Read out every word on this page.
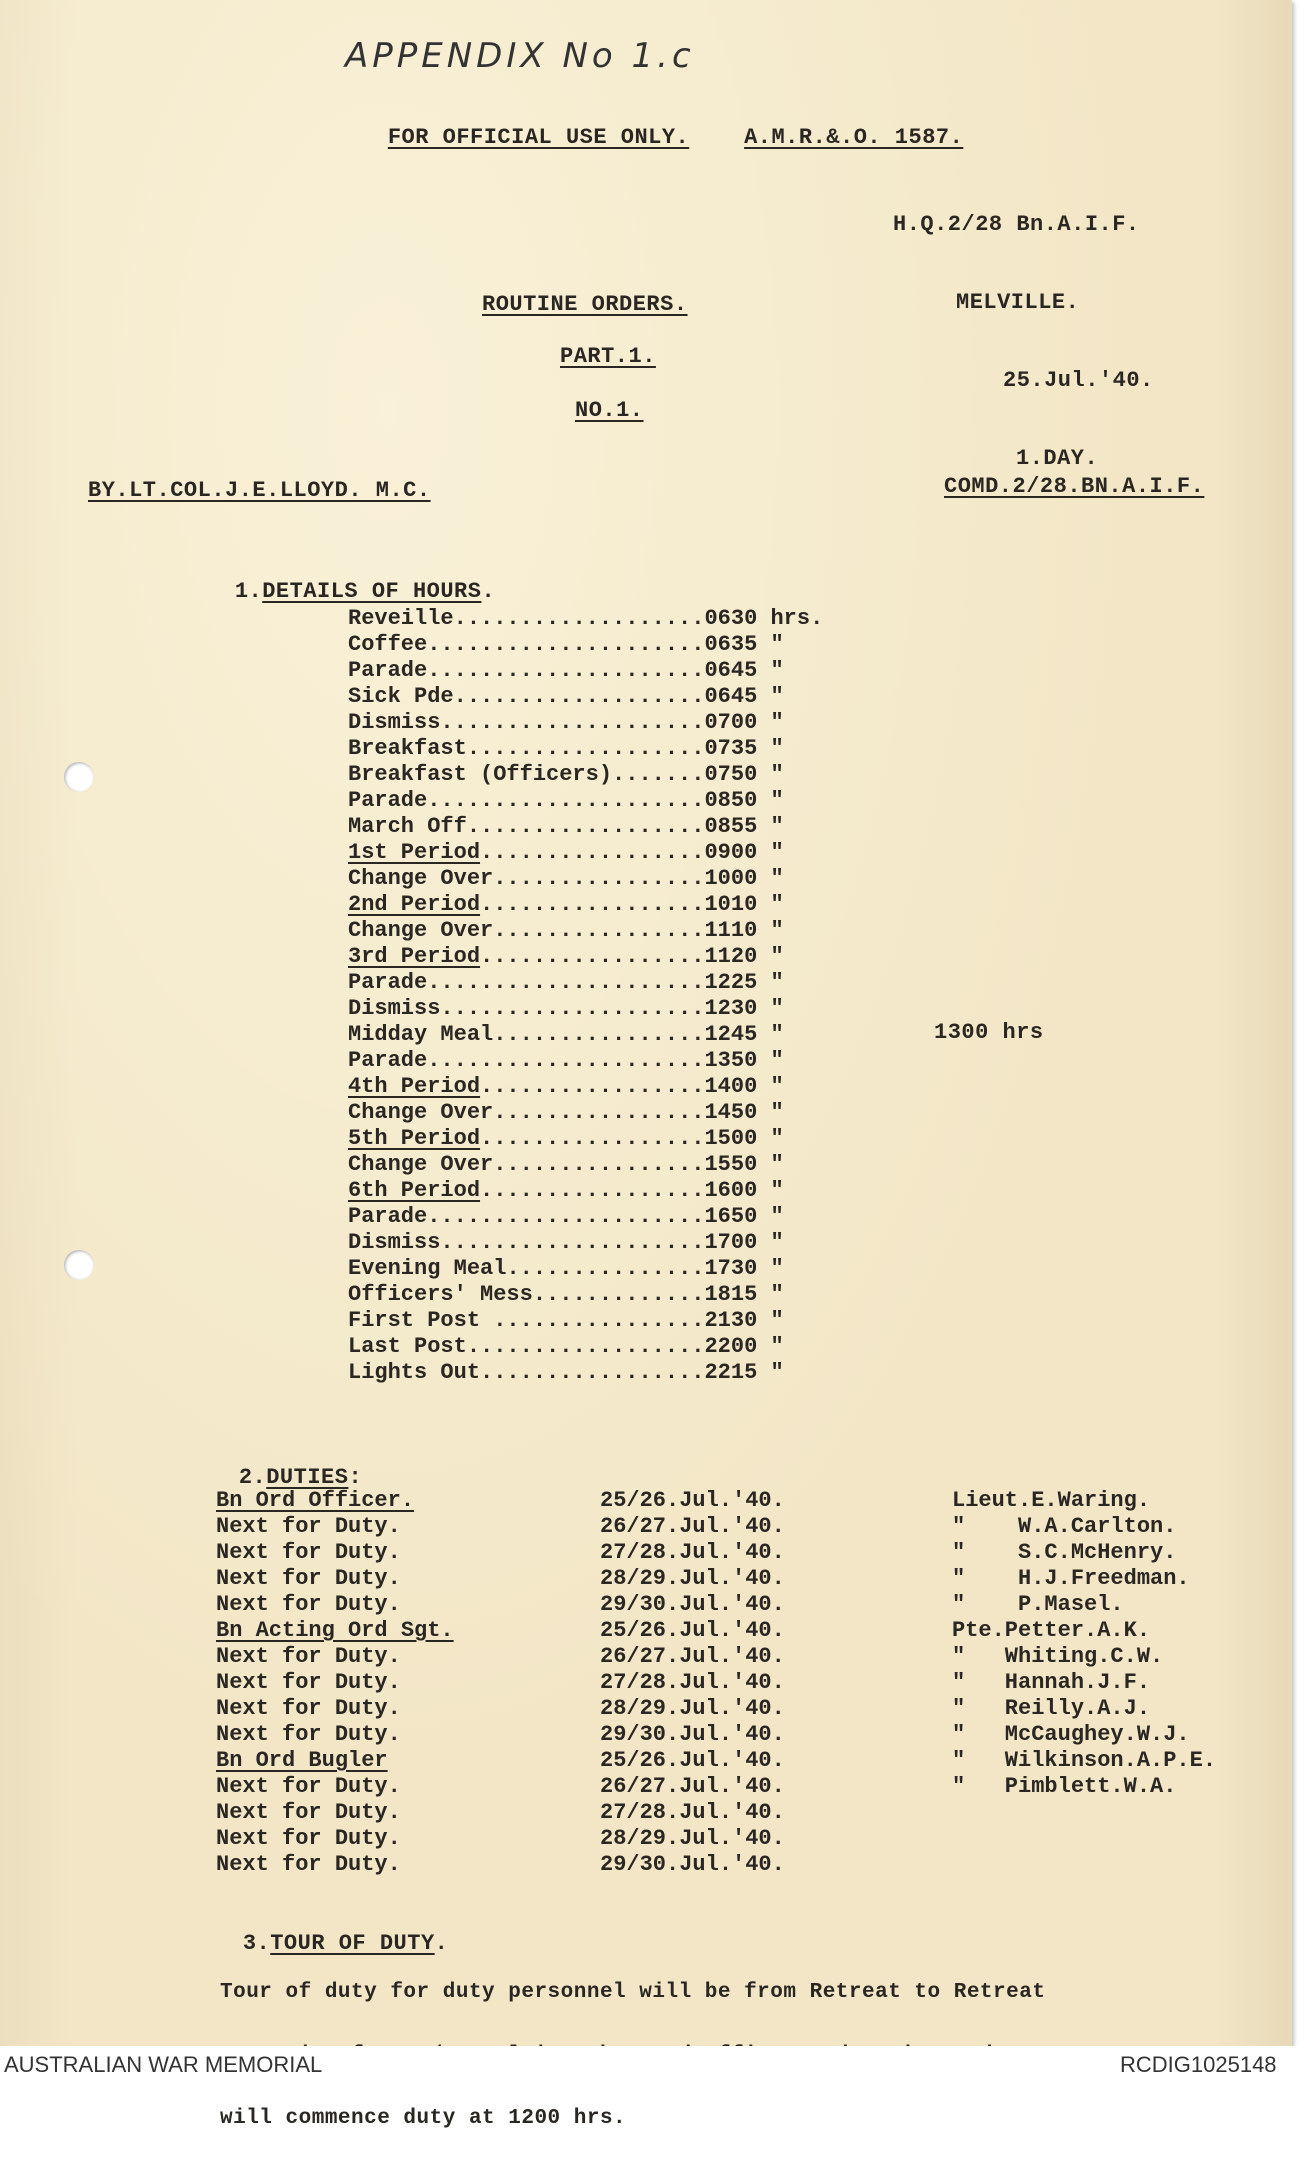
APPENDIX No 1.c

FOR OFFICIAL USE ONLY. A.M.R.&.O. 1587.

H.Q.2/28 Bn.A.I.F.

MELVILLE.

25.Jul.'40.

1.DAY.

ROUTINE ORDERS.
PART.1.
NO.1.
BY.LT.COL.J.E.LLOYD. M.C.	COMD.2/28.BN.A.I.F.

1.DETAILS OF HOURS.

Reveille...................0630 hrs.
Coffee.....................0635 "
Parade.....................0645 "
Sick Pde...................0645 "
Dismiss....................0700 "
Breakfast..................0735 "
Breakfast (Officers).......0750 "
Parade.....................0850 "
March Off..................0855 "
1st Period.................0900 "
Change Over................1000 "
2nd Period.................1010 "
Change Over................1110 "
3rd Period.................1120 "
Parade.....................1225 "
Dismiss....................1230 "
Midday Meal................1245 "
Parade.....................1350 "
4th Period.................1400 "
Change Over................1450 "
5th Period.................1500 "
Change Over................1550 "
6th Period.................1600 "
Parade.....................1650 "
Dismiss....................1700 "
Evening Meal...............1730 "
Officers' Mess.............1815 "
First Post ................2130 "
Last Post..................2200 "
Lights Out.................2215 "
1300 hrs

2.DUTIES:

Bn Ord Officer.
Next for Duty.
Next for Duty.
Next for Duty.
Next for Duty.
Bn Acting Ord Sgt.
Next for Duty.
Next for Duty.
Next for Duty.
Next for Duty.
Bn Ord Bugler
Next for Duty.
Next for Duty.
Next for Duty.
Next for Duty.
25/26.Jul.'40.
26/27.Jul.'40.
27/28.Jul.'40.
28/29.Jul.'40.
29/30.Jul.'40.
25/26.Jul.'40.
26/27.Jul.'40.
27/28.Jul.'40.
28/29.Jul.'40.
29/30.Jul.'40.
25/26.Jul.'40.
26/27.Jul.'40.
27/28.Jul.'40.
28/29.Jul.'40.
29/30.Jul.'40.
Lieut.E.Waring.
"    W.A.Carlton.
"    S.C.McHenry.
"    H.J.Freedman.
"    P.Masel.
Pte.Petter.A.K.
"   Whiting.C.W.
"   Hannah.J.F.
"   Reilly.A.J.
"   McCaughey.W.J.
"   Wilkinson.A.P.E.
"   Pimblett.W.A.

3.TOUR OF DUTY.

Tour of duty for duty personnel will be from Retreat to Retreat

will commence duty at 1200 hrs.

AUSTRALIAN WAR MEMORIAL	RCDIG1025148
